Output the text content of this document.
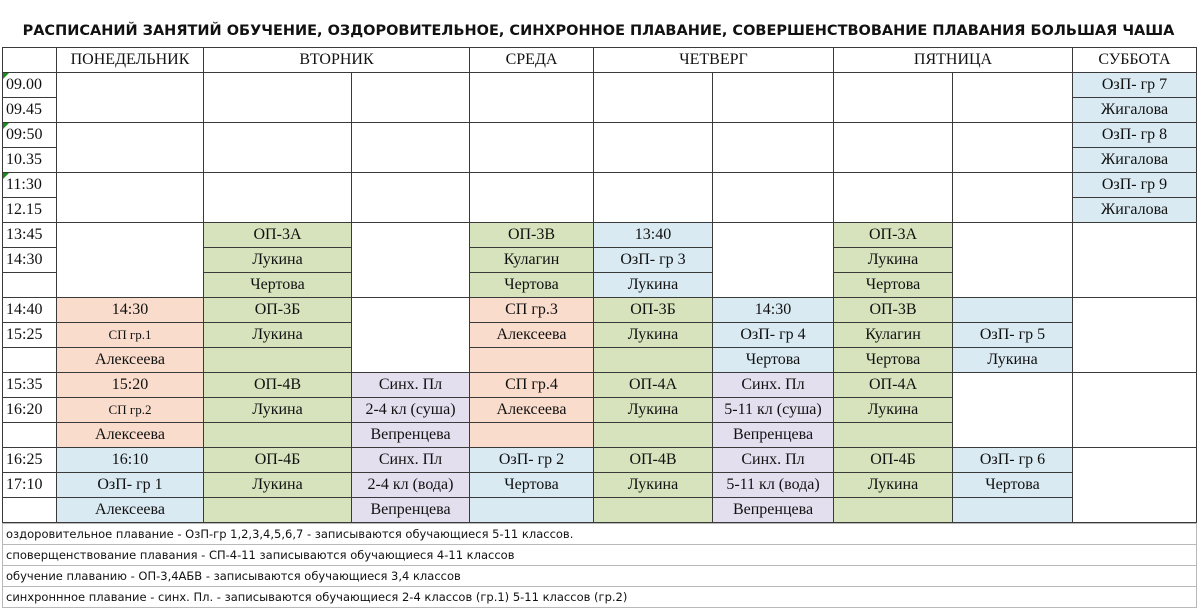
РАСПИСАНИЙ ЗАНЯТИЙ ОБУЧЕНИЕ, ОЗДОРОВИТЕЛЬНОЕ, СИНХРОННОЕ ПЛАВАНИЕ, СОВЕРШЕНСТВОВАНИЕ ПЛАВАНИЯ БОЛЬШАЯ ЧАША
	ПОНЕДЕЛЬНИК	ВТОРНИК		СРЕДА	ЧЕТВЕРГ		ПЯТНИЦА		СУББОТА
09.00									ОзП- гр 7
09.45									Жигалова
09:50									ОзП- гр 8
10.35									Жигалова
11:30									ОзП- гр 9
12.15									Жигалова
13:45		ОП-3А		ОП-3В	13:40		ОП-3А		
14:30		Лукина		Кулагин	ОзП- гр 3		Лукина		
		Чертова		Чертова	Лукина		Чертова		
14:40	14:30	ОП-3Б		СП гр.3	ОП-3Б	14:30	ОП-3В		
15:25	СП гр.1	Лукина		Алексеева	Лукина	ОзП- гр 4	Кулагин	ОзП- гр 5	
	Алексеева					Чертова	Чертова	Лукина	
15:35	15:20	ОП-4В	Синх. Пл	СП гр.4	ОП-4А	Синх. Пл	ОП-4А		
16:20	СП гр.2	Лукина	2-4 кл (суша)	Алексеева	Лукина	5-11 кл (суша)	Лукина		
	Алексеева		Вепренцева			Вепренцева			
16:25	16:10	ОП-4Б	Синх. Пл	ОзП- гр 2	ОП-4В	Синх. Пл	ОП-4Б	ОзП- гр 6	
17:10	ОзП- гр 1	Лукина	2-4 кл (вода)	Чертова	Лукина	5-11 кл (вода)	Лукина	Чертова	
	Алексеева		Вепренцева			Вепренцева			
оздоровительное плавание - ОзП-гр 1,2,3,4,5,6,7 - записываются обучающиеся 5-11 классов.
споверщенствование плавания - СП-4-11 записываются обучающиеся 4-11 классов
обучение плаванию - ОП-3,4АБВ - записываются обучающиеся 3,4 классов
синхроннное плавание - синх. Пл. - записываются обучающиеся 2-4 классов (гр.1) 5-11 классов (гр.2)
